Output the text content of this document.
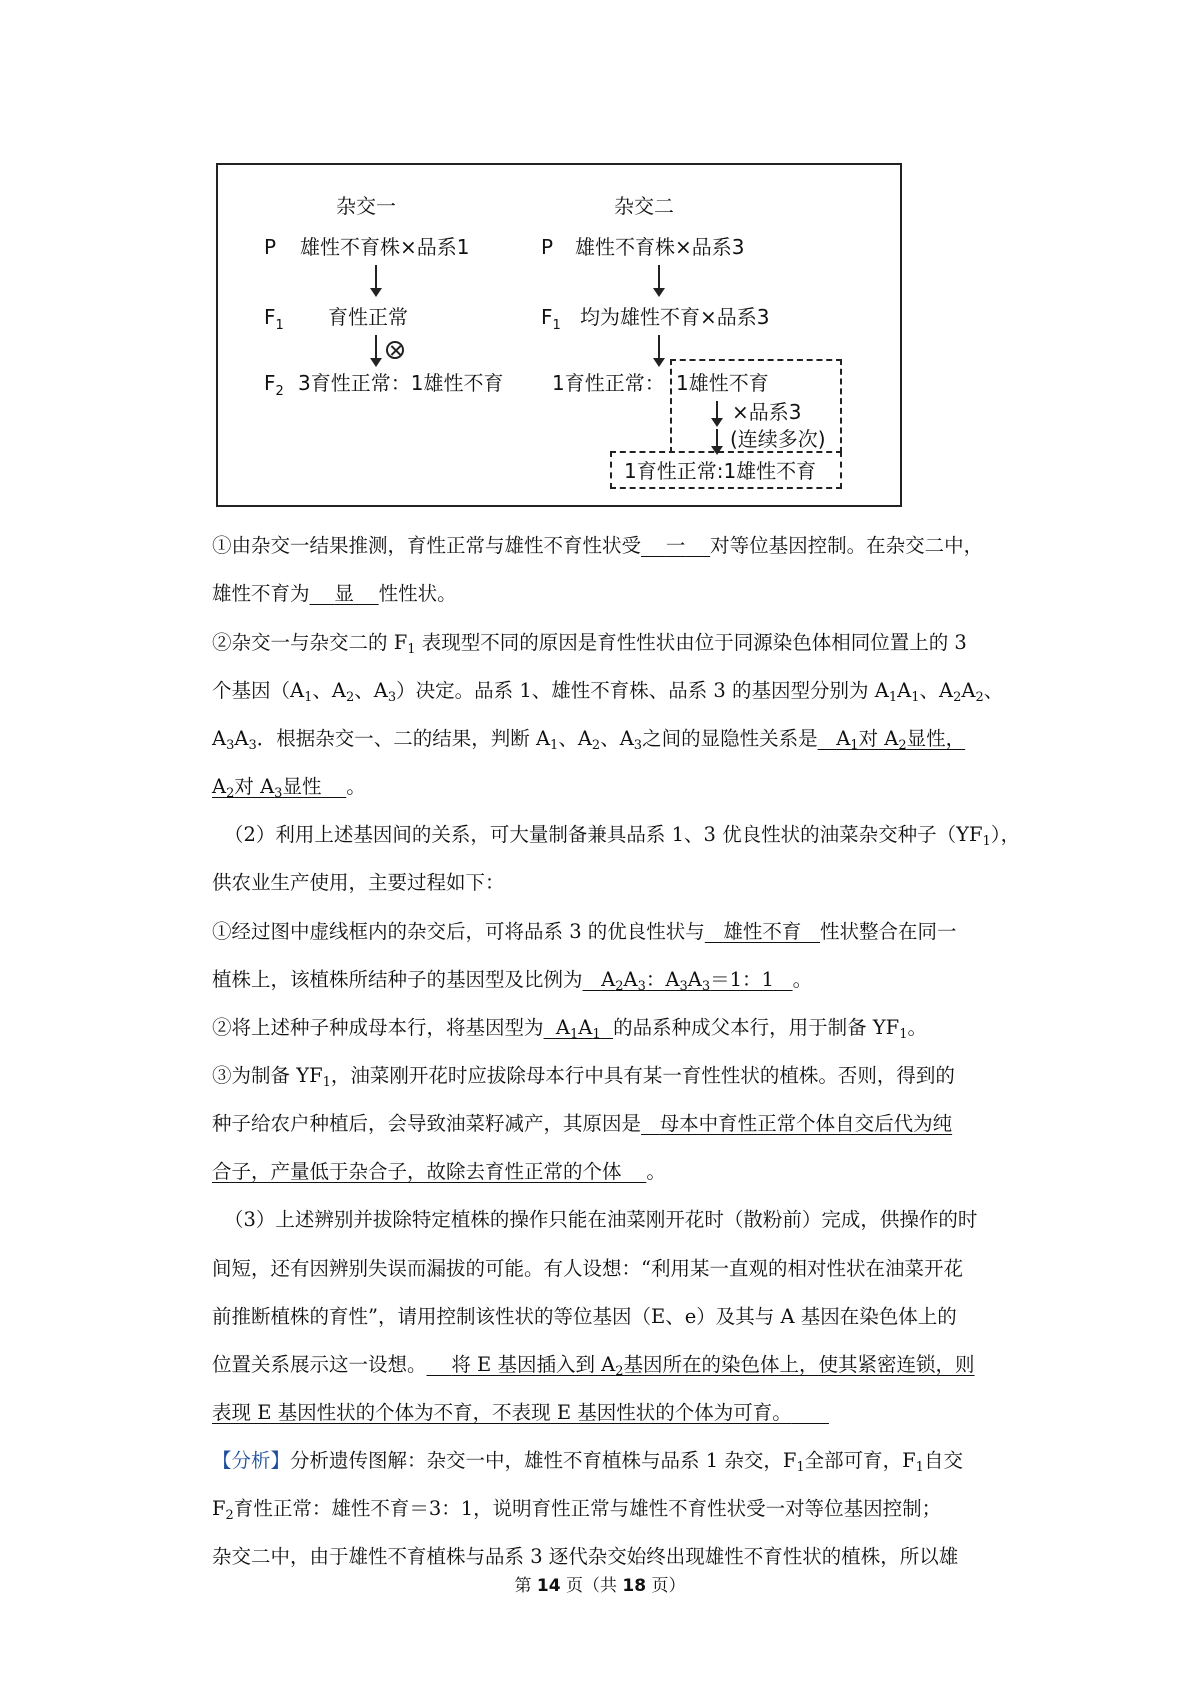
杂交一
P 雄性不育株×品系1
$F_1$ 育性正常
$F_2$ 3育性正常：1雄性不育
杂交二
P 雄性不育株×品系3
$F_1$ 均为雄性不育×品系3
1育性正常： 1雄性不育
×品系3
(连续多次)
1育性正常:1雄性不育
①由杂交一结果推测，育性正常与雄性不育性状受 一 对等位基因控制。在杂交二中，
雄性不育为 显 性性状。
②杂交一与杂交二的 $F_1$ 表现型不同的原因是育性性状由位于同源染色体相同位置上的 3
个基因（$A_1$、$A_2$、$A_3$）决定。品系 1、雄性不育株、品系 3 的基因型分别为 $A_1A_1$、$A_2A_2$、
$A_3A_3$．根据杂交一、二的结果，判断 $A_1$、$A_2$、$A_3$之间的显隐性关系是 $A_1$对 $A_2$显性，
$A_2$对 $A_3$显性 。
（2）利用上述基因间的关系，可大量制备兼具品系 1、3 优良性状的油菜杂交种子$(YF_1)$，
供农业生产使用，主要过程如下：
①经过图中虚线框内的杂交后，可将品系 3 的优良性状与 雄性不育 性状整合在同一
植株上，该植株所结种子的基因型及比例为 $A_2A_3$：$A_3A_3=1$：1 。
②将上述种子种成母本行，将基因型为 $A_1A_1$ 的品系种成父本行，用于制备 $YF_1$。
③为制备 $YF_1$，油菜刚开花时应拔除母本行中具有某一育性性状的植株。否则，得到的
种子给农户种植后，会导致油菜籽减产，其原因是 母本中育性正常个体自交后代为纯
合子，产量低于杂合子，故除去育性正常的个体 。
（3）上述辨别并拔除特定植株的操作只能在油菜刚开花时（散粉前）完成，供操作的时
间短，还有因辨别失误而漏拔的可能。有人设想：“利用某一直观的相对性状在油菜开花
前推断植株的育性”，请用控制该性状的等位基因（E、e）及其与 A 基因在染色体上的
位置关系展示这一设想。 将 E 基因插入到 $A_2$基因所在的染色体上，使其紧密连锁，则
表现 E 基因性状的个体为不育，不表现 E 基因性状的个体为可育。
【分析】分析遗传图解：杂交一中，雄性不育植株与品系 1 杂交，$F_1$全部可育，$F_1$自交
$F_2$育性正常：雄性不育＝3：1，说明育性正常与雄性不育性状受一对等位基因控制；
杂交二中，由于雄性不育植株与品系 3 逐代杂交始终出现雄性不育性状的植株，所以雄
第 14 页（共 18 页）
